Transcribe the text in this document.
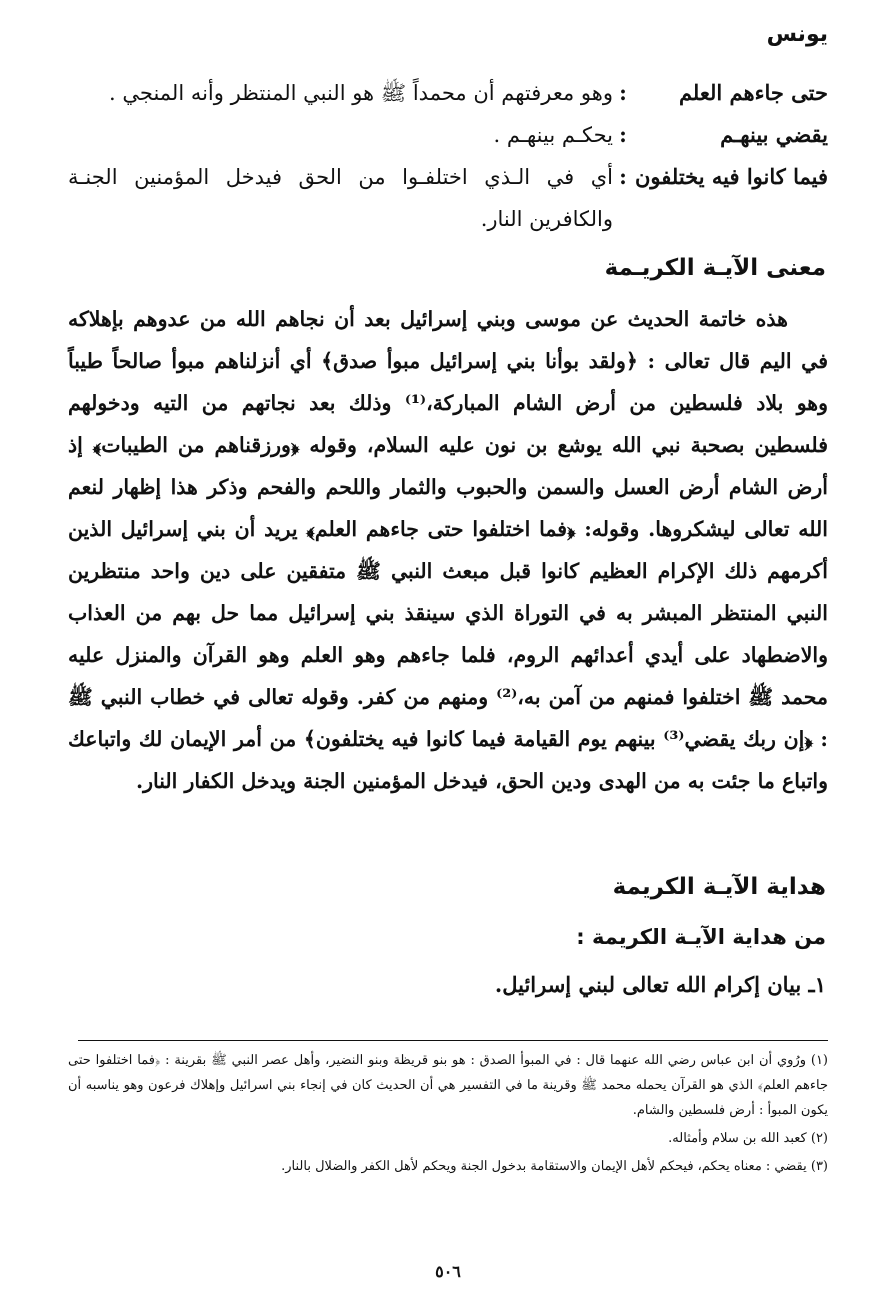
يونس
حتى جاءهم العلم
:
وهو معرفتهم أن محمداً ﷺ هو النبي المنتظر وأنه المنجي .
يقضي بينهـم
:
يحكـم بينهـم .
فيما كانوا فيه يختلفون
:
أي في الـذي اختلفـوا من الحق فيدخل المؤمنين الجنـة والكافرين النار.
معنى الآيـة الكريـمة
هذه خاتمة الحديث عن موسى وبني إسرائيل بعد أن نجاهم الله من عدوهم بإهلاكه في اليم قال تعالى : ﴿ولقد بوأنا بني إسرائيل مبوأ صدق﴾ أي أنزلناهم مبوأ صالحاً طيباً وهو بلاد فلسطين من أرض الشام المباركة،⁽¹⁾ وذلك بعد نجاتهم من التيه ودخولهم فلسطين بصحبة نبي الله يوشع بن نون عليه السلام، وقوله ﴿ورزقناهم من الطيبات﴾ إذ أرض الشام أرض العسل والسمن والحبوب والثمار واللحم والفحم وذكر هذا إظهار لنعم الله تعالى ليشكروها. وقوله: ﴿فما اختلفوا حتى جاءهم العلم﴾ يريد أن بني إسرائيل الذين أكرمهم ذلك الإكرام العظيم كانوا قبل مبعث النبي ﷺ متفقين على دين واحد منتظرين النبي المنتظر المبشر به في التوراة الذي سينقذ بني إسرائيل مما حل بهم من العذاب والاضطهاد على أيدي أعدائهم الروم، فلما جاءهم وهو العلم وهو القرآن والمنزل عليه محمد ﷺ اختلفوا فمنهم من آمن به،⁽²⁾ ومنهم من كفر. وقوله تعالى في خطاب النبي ﷺ : ﴿إن ربك يقضي⁽³⁾ بينهم يوم القيامة فيما كانوا فيه يختلفون﴾ من أمر الإيمان لك واتباعك واتباع ما جئت به من الهدى ودين الحق، فيدخل المؤمنين الجنة ويدخل الكفار النار.
هداية الآيـة الكريمة
من هداية الآيـة الكريمة :
١ـ بيان إكرام الله تعالى لبني إسرائيل.

(١) ورُوي أن ابن عباس رضي الله عنهما قال : في المبوأ الصدق : هو بنو قريظة وبنو النضير، وأهل عصر النبي ﷺ بقرينة : ﴿فما اختلفوا حتى جاءهم العلم﴾ الذي هو القرآن يحمله محمد ﷺ وقرينة ما في التفسير هي أن الحديث كان في إنجاء بني اسرائيل وإهلاك فرعون وهو يناسبه أن يكون المبوأ : أرض فلسطين والشام.

(٢) كعبد الله بن سلام وأمثاله.

(٣) يقضي : معناه يحكم، فيحكم لأهل الإيمان والاستقامة بدخول الجنة ويحكم لأهل الكفر والضلال بالنار.

٥٠٦
